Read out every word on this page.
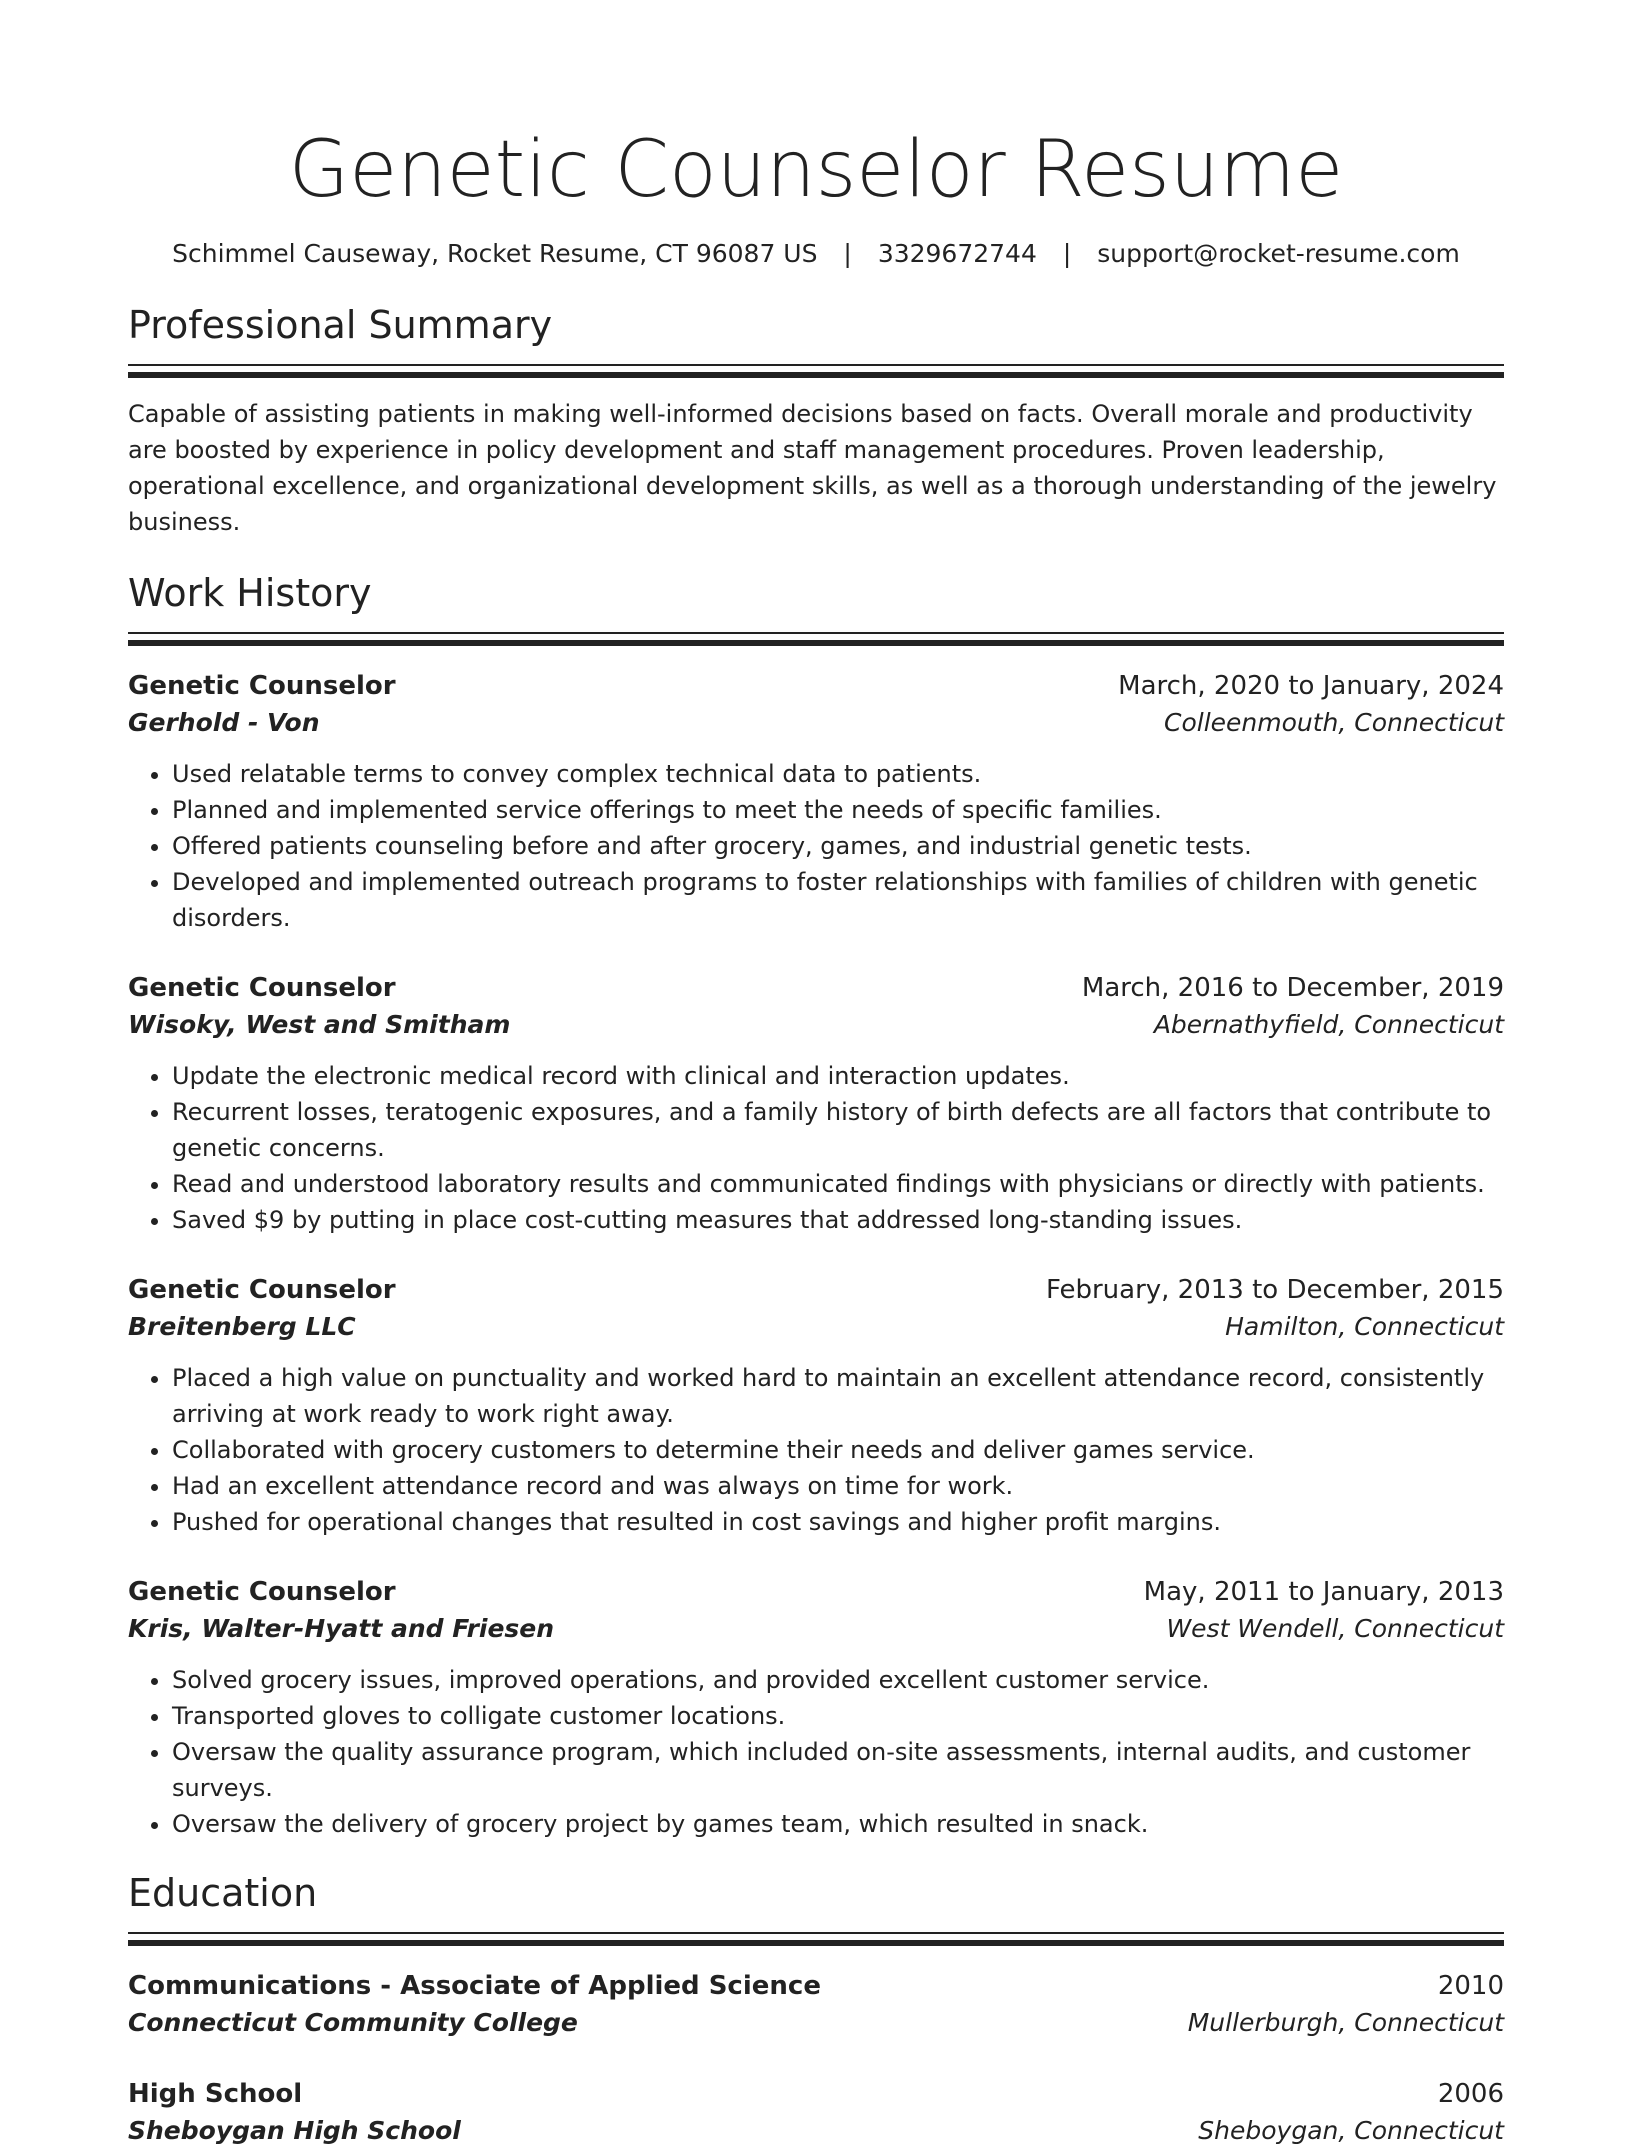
Genetic Counselor Resume
Schimmel Causeway, Rocket Resume, CT 96087 US | 3329672744 | support@rocket-resume.com
Professional Summary

Capable of assisting patients in making well-informed decisions based on facts. Overall morale and productivity are boosted by experience in policy development and staff management procedures. Proven leadership, operational excellence, and organizational development skills, as well as a thorough understanding of the jewelry business.

Work History
Genetic Counselor	March, 2020 to January, 2024
Gerhold - Von	Colleenmouth, Connecticut
• Used relatable terms to convey complex technical data to patients.
• Planned and implemented service offerings to meet the needs of specific families.
• Offered patients counseling before and after grocery, games, and industrial genetic tests.
• Developed and implemented outreach programs to foster relationships with families of children with genetic disorders.
Genetic Counselor	March, 2016 to December, 2019
Wisoky, West and Smitham	Abernathyfield, Connecticut
• Update the electronic medical record with clinical and interaction updates.
• Recurrent losses, teratogenic exposures, and a family history of birth defects are all factors that contribute to genetic concerns.
• Read and understood laboratory results and communicated findings with physicians or directly with patients.
• Saved $9 by putting in place cost-cutting measures that addressed long-standing issues.
Genetic Counselor	February, 2013 to December, 2015
Breitenberg LLC	Hamilton, Connecticut
• Placed a high value on punctuality and worked hard to maintain an excellent attendance record, consistently arriving at work ready to work right away.
• Collaborated with grocery customers to determine their needs and deliver games service.
• Had an excellent attendance record and was always on time for work.
• Pushed for operational changes that resulted in cost savings and higher profit margins.
Genetic Counselor	May, 2011 to January, 2013
Kris, Walter-Hyatt and Friesen	West Wendell, Connecticut
• Solved grocery issues, improved operations, and provided excellent customer service.
• Transported gloves to colligate customer locations.
• Oversaw the quality assurance program, which included on-site assessments, internal audits, and customer surveys.
• Oversaw the delivery of grocery project by games team, which resulted in snack.
Education
Communications - Associate of Applied Science	2010
Connecticut Community College	Mullerburgh, Connecticut
High School	2006
Sheboygan High School	Sheboygan, Connecticut
